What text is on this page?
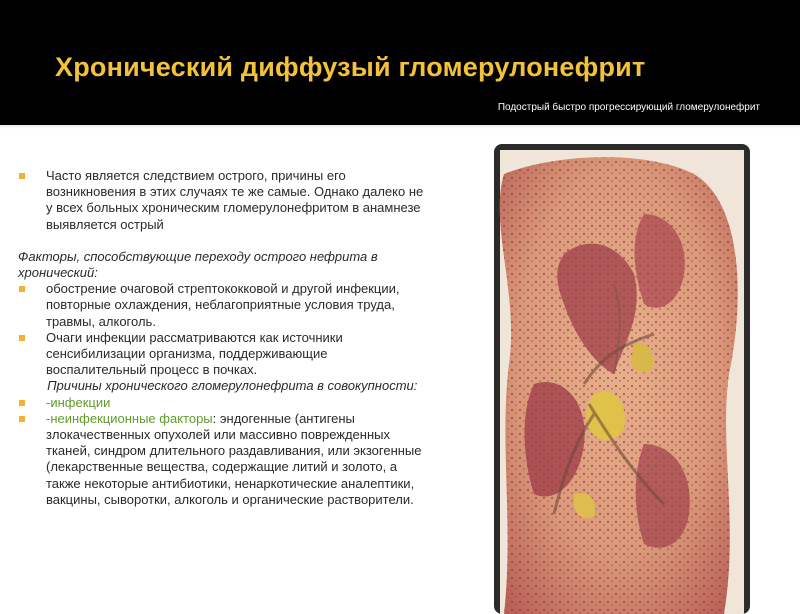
Хронический диффузый гломерулонефрит
Подострый быстро прогрессирующий гломерулонефрит

Часто является следствием острого, причины его возникновения в этих случаях те же самые. Однако далеко не у всех больных хроническим гломерулонефритом в анамнезе выявляется острый

Факторы, способствующие переходу острого нефрита в хронический:

обострение очаговой стрептококковой и другой инфекции, повторные охлаждения, неблагоприятные условия труда, травмы, алкоголь.

Очаги инфекции рассматриваются как источники сенсибилизации организма, поддерживающие воспалительный процесс в почках.

 Причины хронического гломерулонефрита в совокупности:

-инфекции

-неинфекционные факторы: эндогенные (антигены злокачественных опухолей или массивно поврежденных тканей, синдром длительного раздавливания, или экзогенные (лекарственные вещества, содержащие литий и золото, а также некоторые антибиотики, ненаркотические аналептики, вакцины, сыворотки, алкоголь и органические растворители.
